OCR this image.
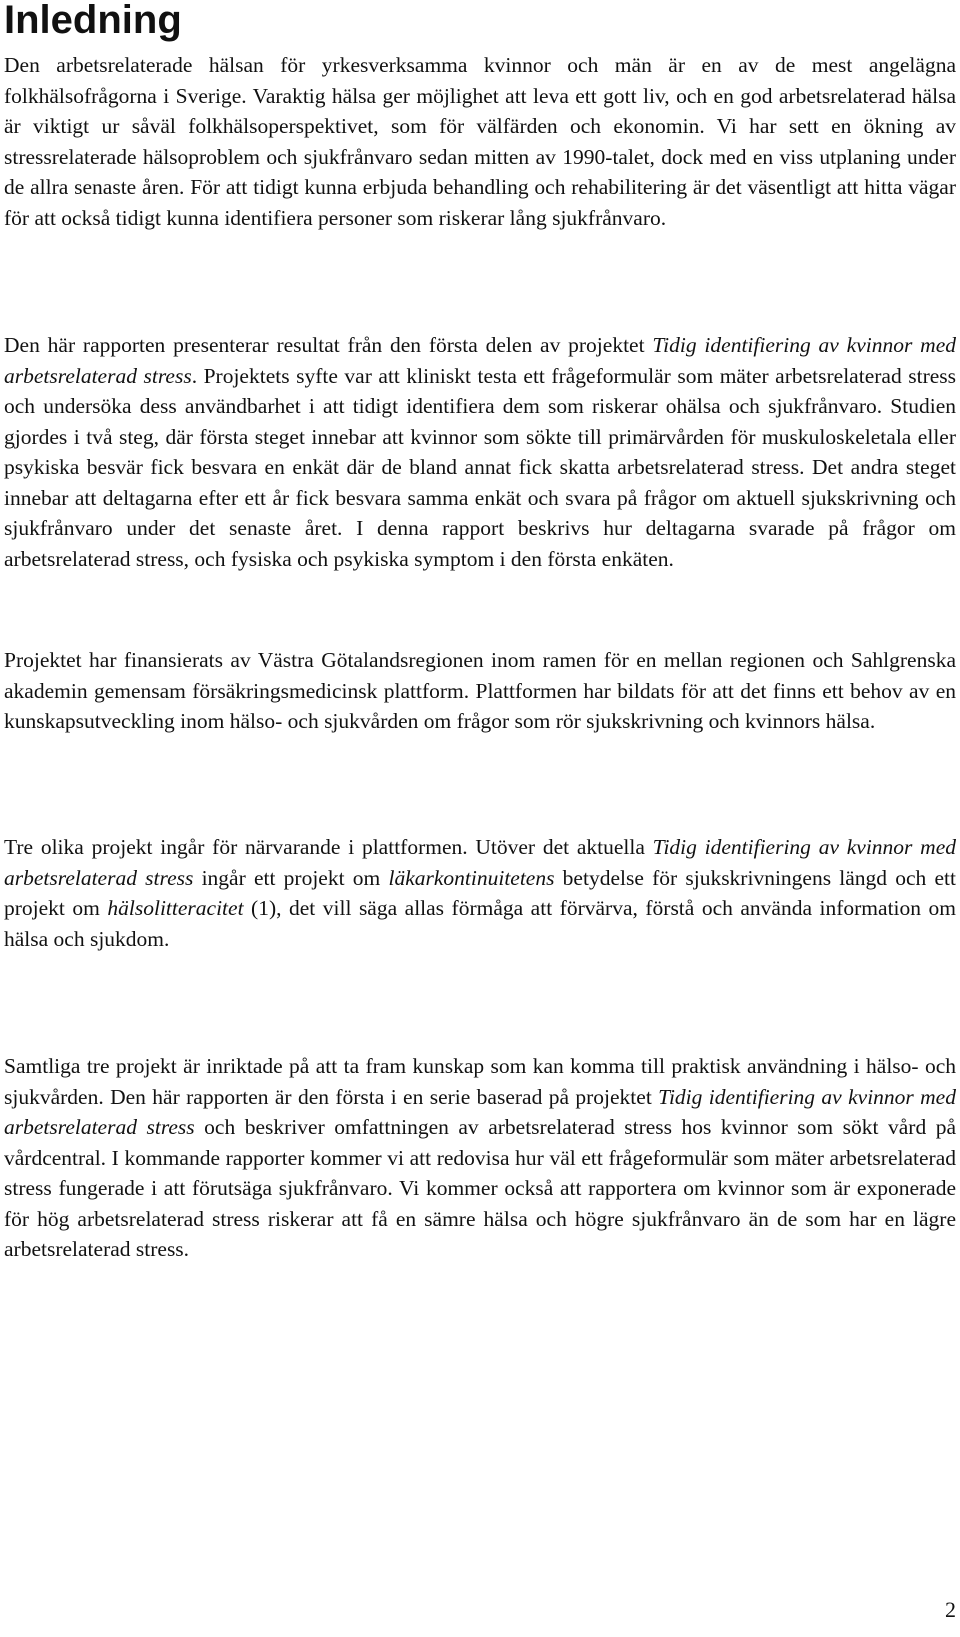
Inledning

Den arbetsrelaterade hälsan för yrkesverksamma kvinnor och män är en av de mest angelägna folkhälsofrågorna i Sverige. Varaktig hälsa ger möjlighet att leva ett gott liv, och en god arbetsrelaterad hälsa är viktigt ur såväl folkhälsoperspektivet, som för välfärden och ekonomin. Vi har sett en ökning av stressrelaterade hälsoproblem och sjukfrånvaro sedan mitten av 1990-talet, dock med en viss utplaning under de allra senaste åren. För att tidigt kunna erbjuda behandling och rehabilitering är det väsentligt att hitta vägar för att också tidigt kunna identifiera personer som riskerar lång sjukfrånvaro.

Den här rapporten presenterar resultat från den första delen av projektet Tidig identifiering av kvinnor med arbetsrelaterad stress. Projektets syfte var att kliniskt testa ett frågeformulär som mäter arbetsrelaterad stress och undersöka dess användbarhet i att tidigt identifiera dem som riskerar ohälsa och sjukfrånvaro. Studien gjordes i två steg, där första steget innebar att kvinnor som sökte till primärvården för muskuloskeletala eller psykiska besvär fick besvara en enkät där de bland annat fick skatta arbetsrelaterad stress. Det andra steget innebar att deltagarna efter ett år fick besvara samma enkät och svara på frågor om aktuell sjukskrivning och sjukfrånvaro under det senaste året. I denna rapport beskrivs hur deltagarna svarade på frågor om arbetsrelaterad stress, och fysiska och psykiska symptom i den första enkäten.

Projektet har finansierats av Västra Götalandsregionen inom ramen för en mellan regionen och Sahlgrenska akademin gemensam försäkringsmedicinsk plattform. Plattformen har bildats för att det finns ett behov av en kunskapsutveckling inom hälso- och sjukvården om frågor som rör sjukskrivning och kvinnors hälsa.

Tre olika projekt ingår för närvarande i plattformen. Utöver det aktuella Tidig identifiering av kvinnor med arbetsrelaterad stress ingår ett projekt om läkarkontinuitetens betydelse för sjukskrivningens längd och ett projekt om hälsolitteracitet (1), det vill säga allas förmåga att förvärva, förstå och använda information om hälsa och sjukdom.

Samtliga tre projekt är inriktade på att ta fram kunskap som kan komma till praktisk användning i hälso- och sjukvården. Den här rapporten är den första i en serie baserad på projektet Tidig identifiering av kvinnor med arbetsrelaterad stress och beskriver omfattningen av arbetsrelaterad stress hos kvinnor som sökt vård på vårdcentral. I kommande rapporter kommer vi att redovisa hur väl ett frågeformulär som mäter arbetsrelaterad stress fungerade i att förutsäga sjukfrånvaro. Vi kommer också att rapportera om kvinnor som är exponerade för hög arbetsrelaterad stress riskerar att få en sämre hälsa och högre sjukfrånvaro än de som har en lägre arbetsrelaterad stress.

2
